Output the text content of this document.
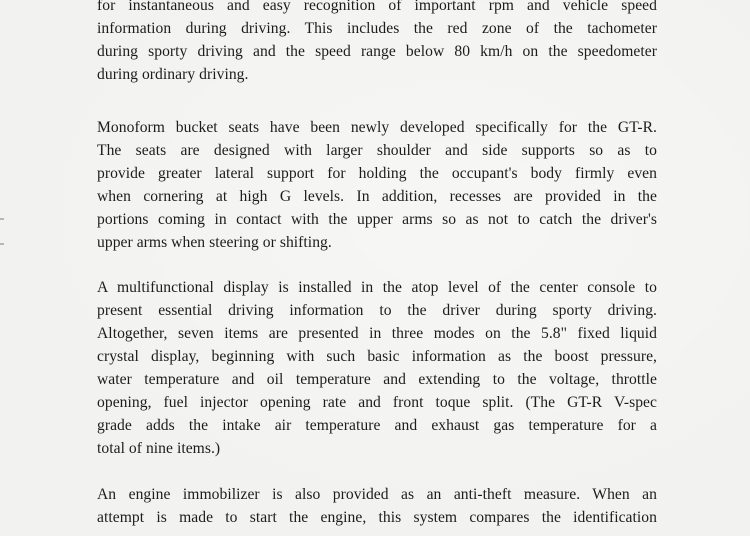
for instantaneous and easy recognition of important rpm and vehicle speed
information during driving. This includes the red zone of the tachometer
during sporty driving and the speed range below 80 km/h on the speedometer
during ordinary driving.
Monoform bucket seats have been newly developed specifically for the GT-R.
The seats are designed with larger shoulder and side supports so as to
provide greater lateral support for holding the occupant's body firmly even
when cornering at high G levels. In addition, recesses are provided in the
portions coming in contact with the upper arms so as not to catch the driver's
upper arms when steering or shifting.
A multifunctional display is installed in the atop level of the center console to
present essential driving information to the driver during sporty driving.
Altogether, seven items are presented in three modes on the 5.8" fixed liquid
crystal display, beginning with such basic information as the boost pressure,
water temperature and oil temperature and extending to the voltage, throttle
opening, fuel injector opening rate and front toque split. (The GT-R V-spec
grade adds the intake air temperature and exhaust gas temperature for a
total of nine items.)
An engine immobilizer is also provided as an anti-theft measure. When an
attempt is made to start the engine, this system compares the identification
